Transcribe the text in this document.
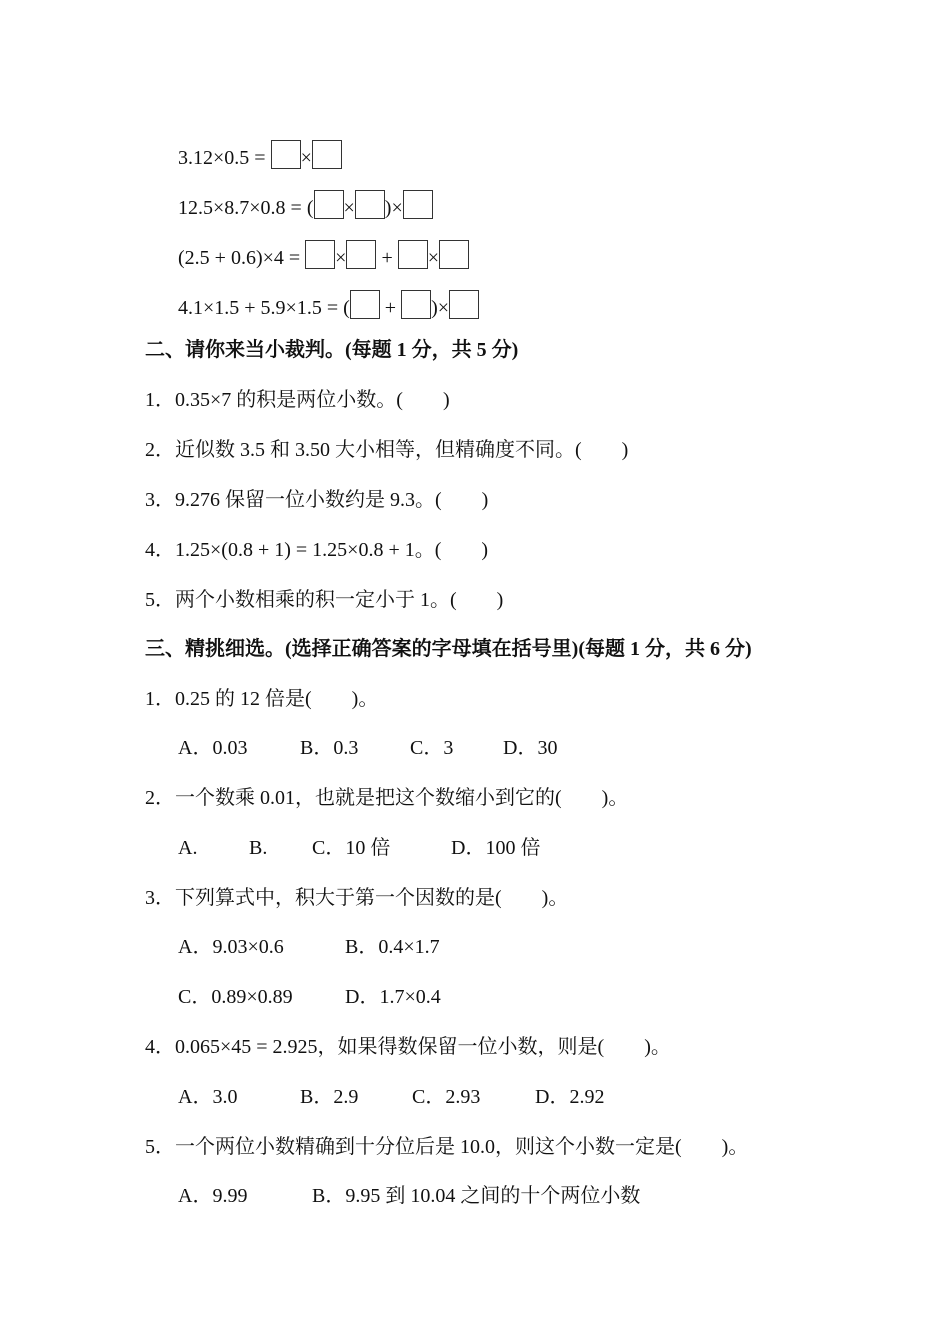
3.12×0.5 = ×
12.5×8.7×0.8 = ( × )×
(2.5 + 0.6)×4 = × + ×
4.1×1.5 + 5.9×1.5 = ( + )×
二、请你来当小裁判。(每题 1 分，共 5 分)
1．0.35×7 的积是两位小数。( )
2．近似数 3.5 和 3.50 大小相等，但精确度不同。( )
3．9.276 保留一位小数约是 9.3。( )
4．1.25×(0.8 + 1) = 1.25×0.8 + 1。( )
5．两个小数相乘的积一定小于 1。( )
三、精挑细选。(选择正确答案的字母填在括号里)(每题 1 分，共 6 分)
1．0.25 的 12 倍是( )。
A．0.03	B．0.3	C．3 D．30
2．一个数乘 0.01，也就是把这个数缩小到它的( )。
A.	B. C．10 倍	D．100 倍
3．下列算式中，积大于第一个因数的是( )。
A．9.03×0.6	B．0.4×1.7
C．0.89×0.89	D．1.7×0.4
4．0.065×45 = 2.925，如果得数保留一位小数，则是( )。
A．3.0	B．2.9	C．2.93	D．2.92
5．一个两位小数精确到十分位后是 10.0，则这个小数一定是( )。
A．9.99	B．9.95 到 10.04 之间的十个两位小数
